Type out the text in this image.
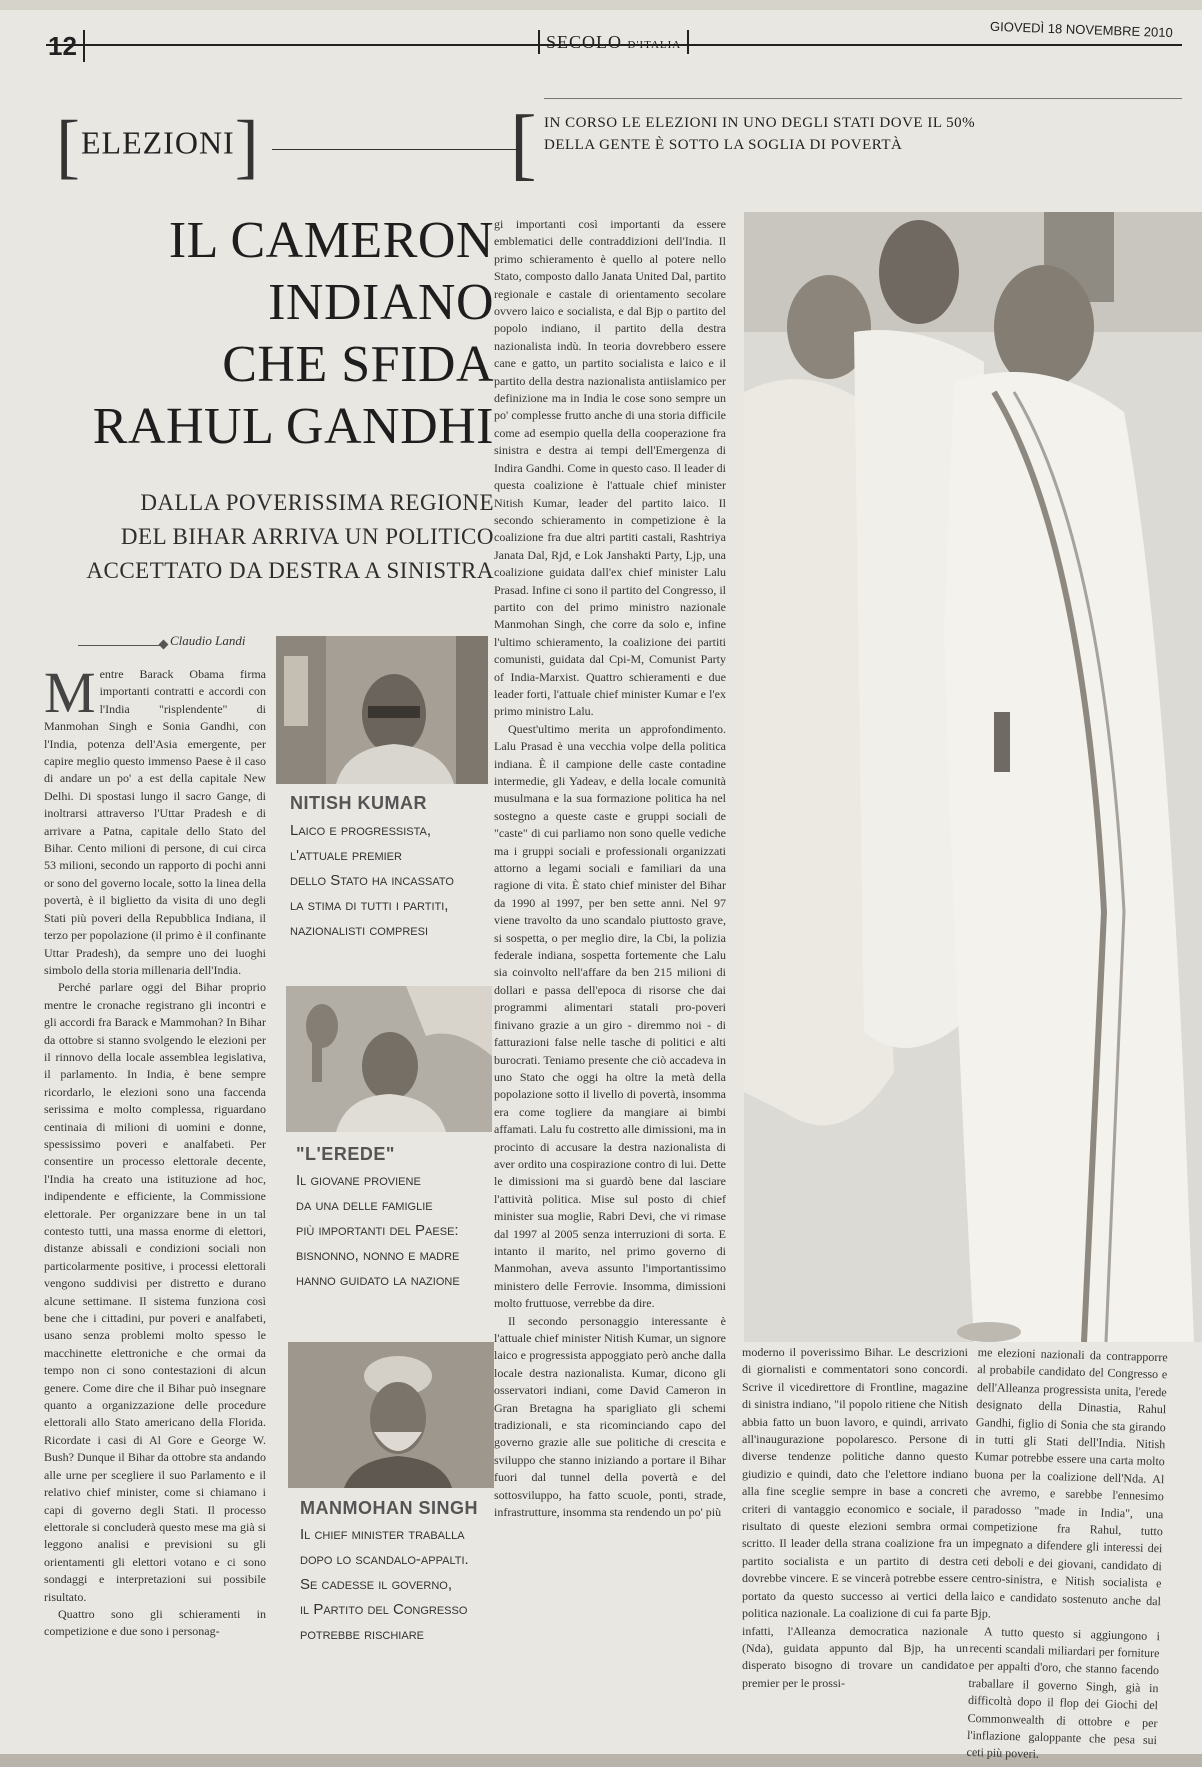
12	SECOLO D'ITALIA
GIOVEDÌ 18 NOVEMBRE 2010
[ELEZIONI]	[ IN CORSO LE ELEZIONI IN UNO DEGLI STATI DOVE IL 50% DELLA GENTE È SOTTO LA SOGLIA DI POVERTÀ
IL CAMERON
INDIANO
CHE SFIDA
RAHUL GANDHI
DALLA POVERISSIMA REGIONE
DEL BIHAR ARRIVA UN POLITICO
ACCETTATO DA DESTRA A SINISTRA
Claudio Landi

Mentre Barack Obama firma importanti contratti e accordi con l'India "risplendente" di Manmohan Singh e Sonia Gandhi, con l'India, potenza dell'Asia emergente, per capire meglio questo immenso Paese è il caso di andare un po' a est della capitale New Delhi. Di spostasi lungo il sacro Gange, di inoltrarsi attraverso l'Uttar Pradesh e di arrivare a Patna, capitale dello Stato del Bihar. Cento milioni di persone, di cui circa 53 milioni, secondo un rapporto di pochi anni or sono del governo locale, sotto la linea della povertà, è il biglietto da visita di uno degli Stati più poveri della Repubblica Indiana, il terzo per popolazione (il primo è il confinante Uttar Pradesh), da sempre uno dei luoghi simbolo della storia millenaria dell'India.

Perché parlare oggi del Bihar proprio mentre le cronache registrano gli incontri e gli accordi fra Barack e Mammohan? In Bihar da ottobre si stanno svolgendo le elezioni per il rinnovo della locale assemblea legislativa, il parlamento. In India, è bene sempre ricordarlo, le elezioni sono una faccenda serissima e molto complessa, riguardano centinaia di milioni di uomini e donne, spessissimo poveri e analfabeti. Per consentire un processo elettorale decente, l'India ha creato una istituzione ad hoc, indipendente e efficiente, la Commissione elettorale. Per organizzare bene in un tal contesto tutti, una massa enorme di elettori, distanze abissali e condizioni sociali non particolarmente positive, i processi elettorali vengono suddivisi per distretto e durano alcune settimane. Il sistema funziona così bene che i cittadini, pur poveri e analfabeti, usano senza problemi molto spesso le macchinette elettroniche e che ormai da tempo non ci sono contestazioni di alcun genere. Come dire che il Bihar può insegnare quanto a organizzazione delle procedure elettorali allo Stato americano della Florida. Ricordate i casi di Al Gore e George W. Bush? Dunque il Bihar da ottobre sta andando alle urne per scegliere il suo Parlamento e il relativo chief minister, come si chiamano i capi di governo degli Stati. Il processo elettorale si concluderà questo mese ma già si leggono analisi e previsioni su gli orientamenti gli elettori votano e ci sono sondaggi e interpretazioni sui possibile risultato.

Quattro sono gli schieramenti in competizione e due sono i personag-

NITISH KUMAR
Laico e progressista,
l'attuale premier
dello Stato ha incassato
la stima di tutti i partiti,
nazionalisti compresi
"L'EREDE"
Il giovane proviene
da una delle famiglie
più importanti del Paese:
bisnonno, nonno e madre
hanno guidato la nazione
MANMOHAN SINGH
Il chief minister traballa
dopo lo scandalo-appalti.
Se cadesse il governo,
il Partito del Congresso
potrebbe rischiare

gi importanti così importanti da essere emblematici delle contraddizioni dell'India. Il primo schieramento è quello al potere nello Stato, composto dallo Janata United Dal, partito regionale e castale di orientamento secolare ovvero laico e socialista, e dal Bjp o partito del popolo indiano, il partito della destra nazionalista indù. In teoria dovrebbero essere cane e gatto, un partito socialista e laico e il partito della destra nazionalista antiislamico per definizione ma in India le cose sono sempre un po' complesse frutto anche di una storia difficile come ad esempio quella della cooperazione fra sinistra e destra ai tempi dell'Emergenza di Indira Gandhi. Come in questo caso. Il leader di questa coalizione è l'attuale chief minister Nitish Kumar, leader del partito laico. Il secondo schieramento in competizione è la coalizione fra due altri partiti castali, Rashtriya Janata Dal, Rjd, e Lok Janshakti Party, Ljp, una coalizione guidata dall'ex chief minister Lalu Prasad. Infine ci sono il partito del Congresso, il partito con del primo ministro nazionale Manmohan Singh, che corre da solo e, infine l'ultimo schieramento, la coalizione dei partiti comunisti, guidata dal Cpi-M, Comunist Party of India-Marxist. Quattro schieramenti e due leader forti, l'attuale chief minister Kumar e l'ex primo ministro Lalu.

Quest'ultimo merita un approfondimento. Lalu Prasad è una vecchia volpe della politica indiana. È il campione delle caste contadine intermedie, gli Yadeav, e della locale comunità musulmana e la sua formazione politica ha nel sostegno a queste caste e gruppi sociali de "caste" di cui parliamo non sono quelle vediche ma i gruppi sociali e professionali organizzati attorno a legami sociali e familiari da una ragione di vita. È stato chief minister del Bihar da 1990 al 1997, per ben sette anni. Nel 97 viene travolto da uno scandalo piuttosto grave, si sospetta, o per meglio dire, la Cbi, la polizia federale indiana, sospetta fortemente che Lalu sia coinvolto nell'affare da ben 215 milioni di dollari e passa dell'epoca di risorse che dai programmi alimentari statali pro-poveri finivano grazie a un giro - diremmo noi - di fatturazioni false nelle tasche di politici e alti burocrati. Teniamo presente che ciò accadeva in uno Stato che oggi ha oltre la metà della popolazione sotto il livello di povertà, insomma era come togliere da mangiare ai bimbi affamati. Lalu fu costretto alle dimissioni, ma in procinto di accusare la destra nazionalista di aver ordito una cospirazione contro di lui. Dette le dimissioni ma si guardò bene dal lasciare l'attività politica. Mise sul posto di chief minister sua moglie, Rabri Devi, che vi rimase dal 1997 al 2005 senza interruzioni di sorta. E intanto il marito, nel primo governo di Manmohan, aveva assunto l'importantissimo ministero delle Ferrovie. Insomma, dimissioni molto fruttuose, verrebbe da dire.

Il secondo personaggio interessante è l'attuale chief minister Nitish Kumar, un signore laico e progressista appoggiato però anche dalla locale destra nazionalista. Kumar, dicono gli osservatori indiani, come David Cameron in Gran Bretagna ha sparigliato gli schemi tradizionali, e sta ricominciando capo del governo grazie alle sue politiche di crescita e sviluppo che stanno iniziando a portare il Bihar fuori dal tunnel della povertà e del sottosviluppo, ha fatto scuole, ponti, strade, infrastrutture, insomma sta rendendo un po' più

moderno il poverissimo Bihar. Le descrizioni di giornalisti e commentatori sono concordi. Scrive il vicedirettore di Frontline, magazine di sinistra indiano, "il popolo ritiene che Nitish abbia fatto un buon lavoro, e quindi, arrivato all'inaugurazione popolaresco. Persone di diverse tendenze politiche danno questo giudizio e quindi, dato che l'elettore indiano alla fine sceglie sempre in base a concreti criteri di vantaggio economico e sociale, il risultato di queste elezioni sembra ormai scritto. Il leader della strana coalizione fra un partito socialista e un partito di destra dovrebbe vincere. E se vincerà potrebbe essere portato da questo successo ai vertici della politica nazionale. La coalizione di cui fa parte infatti, l'Alleanza democratica nazionale (Nda), guidata appunto dal Bjp, ha un disperato bisogno di trovare un candidato premier per le prossi-

me elezioni nazionali da contrapporre al probabile candidato del Congresso e dell'Alleanza progressista unita, l'erede designato della Dinastia, Rahul Gandhi, figlio di Sonia che sta girando in tutti gli Stati dell'India. Nitish Kumar potrebbe essere una carta molto buona per la coalizione dell'Nda. Al che avremo, e sarebbe l'ennesimo paradosso "made in India", una competizione fra Rahul, tutto impegnato a difendere gli interessi dei ceti deboli e dei giovani, candidato di centro-sinistra, e Nitish socialista e laico e candidato sostenuto anche dal Bjp.

A tutto questo si aggiungono i recenti scandali miliardari per forniture e per appalti d'oro, che stanno facendo traballare il governo Singh, già in difficoltà dopo il flop dei Giochi del Commonwealth di ottobre e per l'inflazione galoppante che pesa sui ceti più poveri.
